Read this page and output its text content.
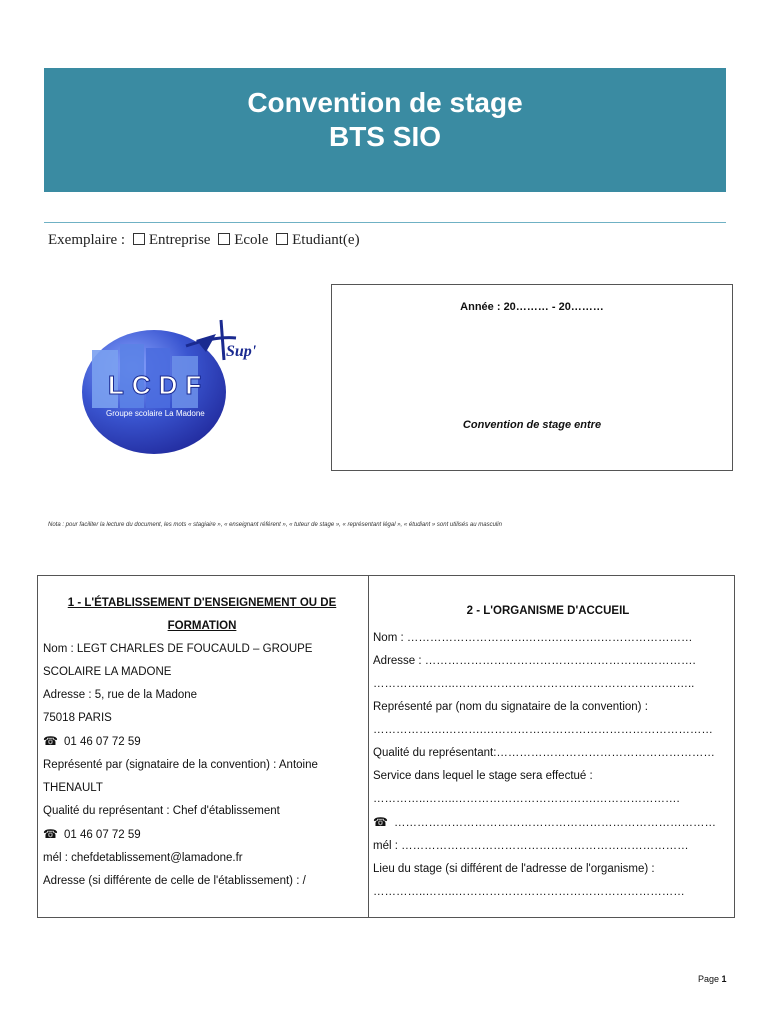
Convention de stage
BTS SIO
Exemplaire : Entreprise Ecole Etudiant(e)
Sup'
LCDF
Groupe scolaire La Madone
Année : 20……… - 20………
Convention de stage entre
Nota : pour faciliter la lecture du document, les mots « stagiaire », « enseignant référent », « tuteur de stage », « représentant légal », « étudiant » sont utilisés au masculin
1 - L'ÉTABLISSEMENT D'ENSEIGNEMENT OU DE
FORMATION
Nom : LEGT CHARLES DE FOUCAULD – GROUPE
SCOLAIRE LA MADONE
Adresse : 5, rue de la Madone
75018 PARIS
☎ 01 46 07 72 59
Représenté par (signataire de la convention) : Antoine
THENAULT
Qualité du représentant : Chef d'établissement
☎ 01 46 07 72 59
mél : chefdetablissement@lamadone.fr
Adresse (si différente de celle de l'établissement) : /
2 - L'ORGANISME D'ACCUEIL
Nom : ………………………….…….………….……………………
Adresse : ………………………………………………….………….
…………..……..……………………………………………….……..
Représenté par (nom du signataire de la convention) :
……………….……….……………………………………………………
Qualité du représentant:…………………………………………………
Service dans lequel le stage sera effectué :
…………..……..……………………………….………………….
☎ …………………………………………………………………………
mél : …………………………………………………………………
Lieu du stage (si différent de l'adresse de l'organisme) :
…………..……..……………………………………………………
Page 1
